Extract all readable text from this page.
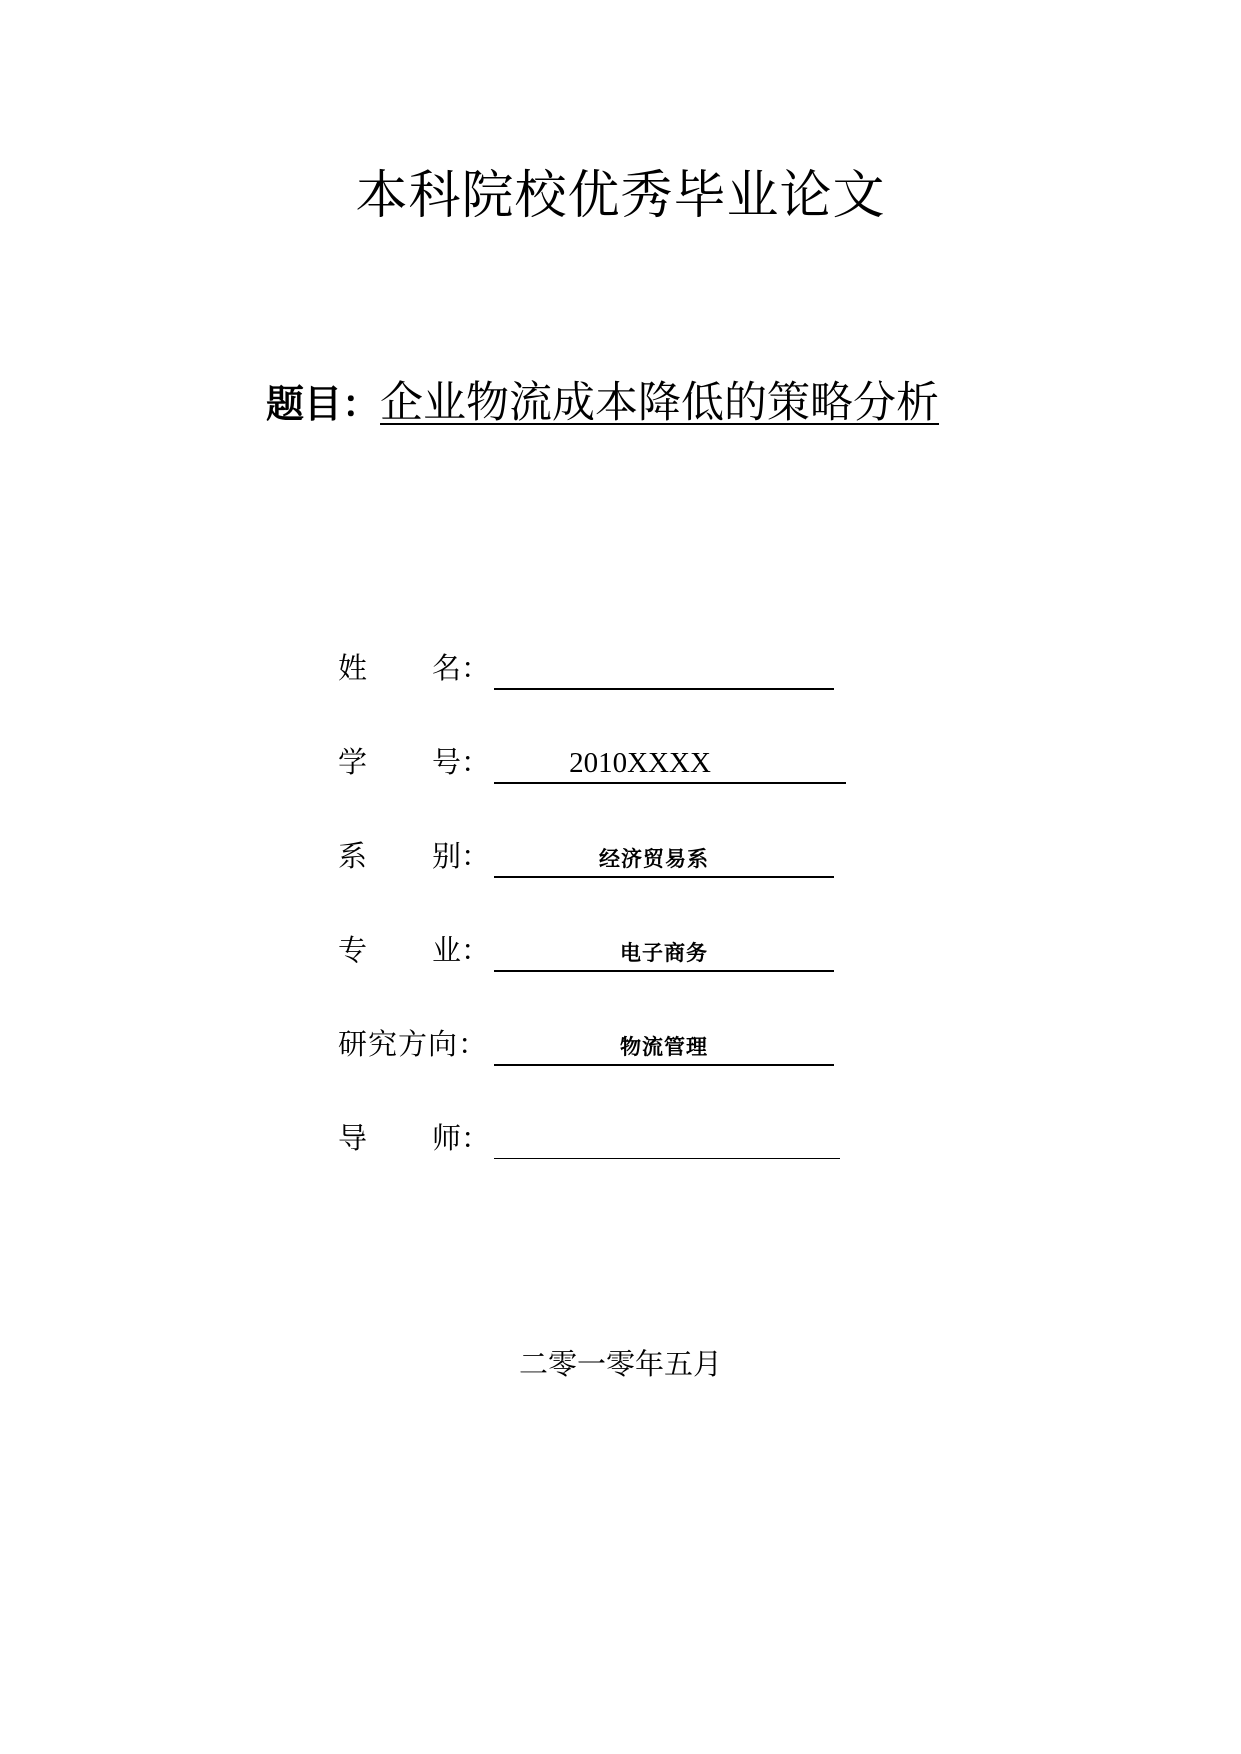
本科院校优秀毕业论文
题目： 企业物流成本降低的策略分析
姓 名：
学 号：	2010XXXX
系 别：	经济贸易系
专 业：	电子商务
研究方向：	物流管理
导 师：
二零一零年五月
